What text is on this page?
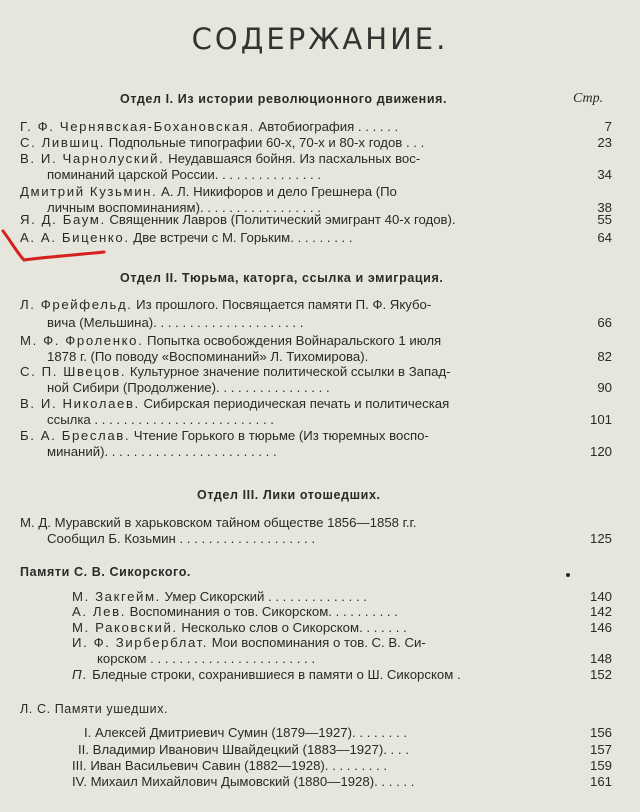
СОДЕРЖАНИЕ.
Отдел I. Из истории революционного движения.	Стр.
Г. Ф. Чернявская-Бохановская. Автобиография . . . . . .	7
С. Лившиц. Подпольные типографии 60-х, 70-х и 80-х годов . . .	23
В. И. Чарнолуский. Неудавшаяся бойня. Из пасхальных вос-
поминаний царской России. . . . . . . . . . . . . . .	34
Дмитрий Кузьмин. А. Л. Никифоров и дело Грешнера (По
личным воспоминаниям). . . . . . . . . . . . . . . . .	38
Я. Д. Баум. Священник Лавров (Политический эмигрант 40-х годов).	55
А. А. Биценко. Две встречи с М. Горьким. . . . . . . . .	64
Отдел II. Тюрьма, каторга, ссылка и эмиграция.
Л. Фрейфельд. Из прошлого. Посвящается памяти П. Ф. Якубо-
вича (Мельшина). . . . . . . . . . . . . . . . . . . . .	66
М. Ф. Фроленко. Попытка освобождения Войнаральского 1 июля
1878 г. (По поводу «Воспоминаний» Л. Тихомирова).	82
С. П. Швецов. Культурное значение политической ссылки в Запад-
ной Сибири (Продолжение). . . . . . . . . . . . . . . .	90
В. И. Николаев. Сибирская периодическая печать и политическая
ссылка . . . . . . . . . . . . . . . . . . . . . . . . .	101
Б. А. Бреслав. Чтение Горького в тюрьме (Из тюремных воспо-
минаний). . . . . . . . . . . . . . . . . . . . . . . .	120
Отдел III. Лики отошедших.
М. Д. Муравский в харьковском тайном обществе 1856—1858 г.г.
Сообщил Б. Козьмин . . . . . . . . . . . . . . . . . . .	125
Памяти С. В. Сикорского.
М. Закгейм. Умер Сикорский . . . . . . . . . . . . . .	140
А. Лев. Воспоминания о тов. Сикорском. . . . . . . . . .	142
М. Раковский. Несколько слов о Сикорском. . . . . . .	146
И. Ф. Зирберблат. Мои воспоминания о тов. С. В. Си-
корском . . . . . . . . . . . . . . . . . . . . . . .	148
П. Бледные строки, сохранившиеся в памяти о Ш. Сикорском .	152
Л. С. Памяти ушедших.
I. Алексей Дмитриевич Сумин (1879—1927). . . . . . . .	156
II. Владимир Иванович Швайдецкий (1883—1927). . . .	157
III. Иван Васильевич Савин (1882—1928). . . . . . . . .	159
IV. Михаил Михайлович Дымовский (1880—1928). . . . . .	161
